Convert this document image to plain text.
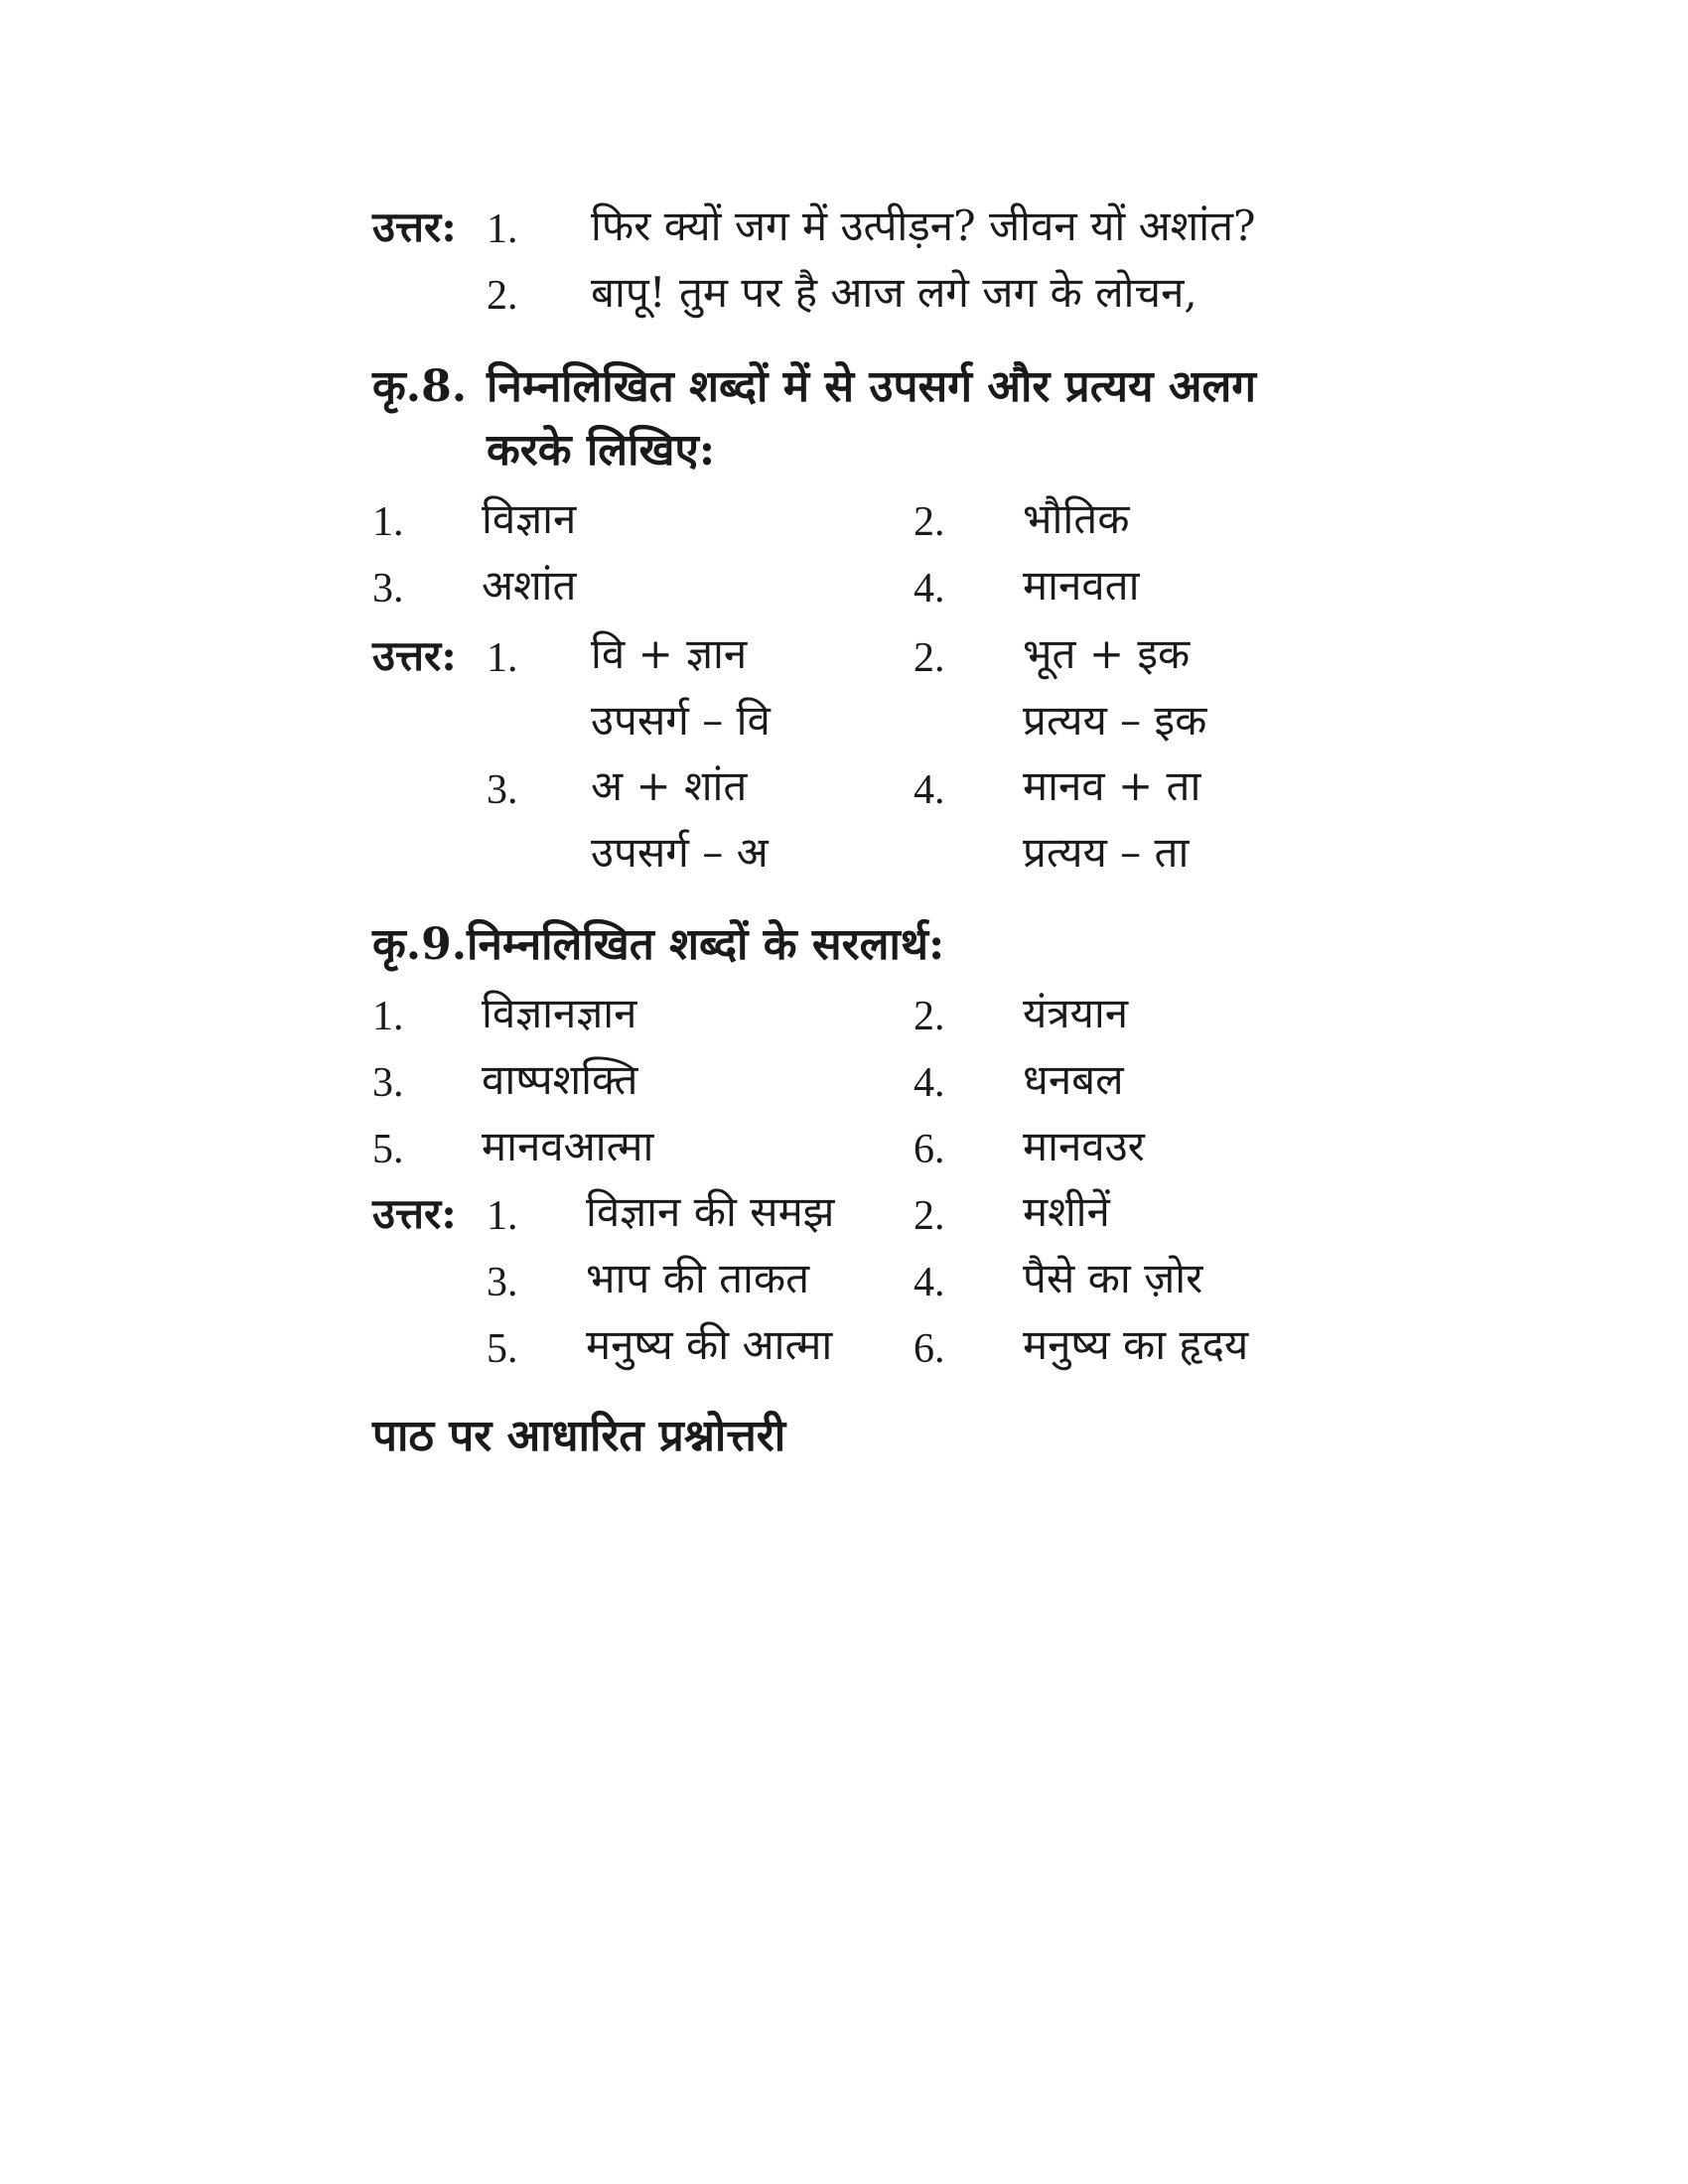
उत्तर: 1. फिर क्यों जग में उत्पीड़न? जीवन यों अशांत?
2. बापू! तुम पर है आज लगे जग के लोचन,
कृ.8. निम्नलिखित शब्दों में से उपसर्ग और प्रत्यय अलग
करके लिखिए:
1. विज्ञान	2. भौतिक
3. अशांत	4. मानवता
उत्तर: 1. वि + ज्ञान	2. भूत + इक
उपसर्ग – वि	प्रत्यय – इक
3. अ + शांत	4. मानव + ता
उपसर्ग – अ	प्रत्यय – ता
कृ.9.निम्नलिखित शब्दों के सरलार्थ:
1. विज्ञानज्ञान	2. यंत्रयान
3. वाष्पशक्ति	4. धनबल
5. मानवआत्मा	6. मानवउर
उत्तर: 1. विज्ञान की समझ 2. मशीनें
3. भाप की ताकत 4. पैसे का ज़ोर
5. मनुष्य की आत्मा 6. मनुष्य का हृदय
पाठ पर आधारित प्रश्नोत्तरी
